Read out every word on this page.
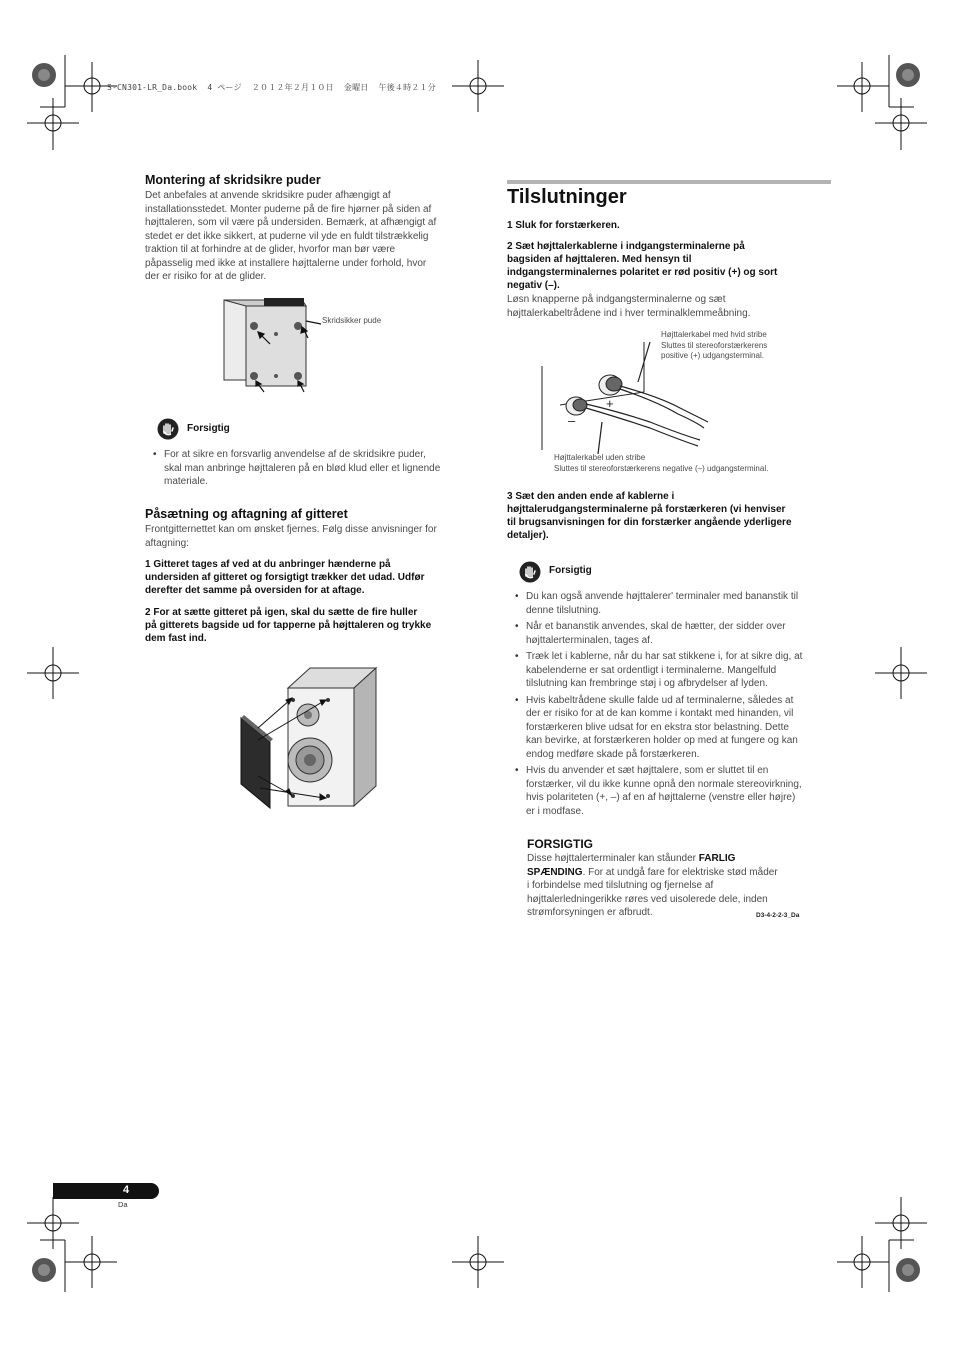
S-CN301-LR_Da.book  4 ページ  ２０１２年２月１０日  金曜日  午後４時２１分
Montering af skridsikre puder
Det anbefales at anvende skridsikre puder afhængigt af
installationsstedet. Monter puderne på de fire hjørner på siden af
højttaleren, som vil være på undersiden. Bemærk, at afhængigt af
stedet er det ikke sikkert, at puderne vil yde en fuldt tilstrækkelig
traktion til at forhindre at de glider, hvorfor man bør være
påpasselig med ikke at installere højttalerne under forhold, hvor
der er risiko for at de glider.
Skridsikker pude
Forsigtig
• For at sikre en forsvarlig anvendelse af de skridsikre puder,
skal man anbringe højttaleren på en blød klud eller et lignende
materiale.
Påsætning og aftagning af gitteret
Frontgitternettet kan om ønsket fjernes. Følg disse anvisninger for
aftagning:
1 Gitteret tages af ved at du anbringer hænderne på
undersiden af gitteret og forsigtigt trækker det udad. Udfør
derefter det samme på oversiden for at aftage.
2 For at sætte gitteret på igen, skal du sætte de fire huller
på gitterets bagside ud for tapperne på højttaleren og trykke
dem fast ind.
Tilslutninger
1 Sluk for forstærkeren.
2 Sæt højttalerkablerne i indgangsterminalerne på
bagsiden af højttaleren. Med hensyn til
indgangsterminalernes polaritet er rød positiv (+) og sort
negativ (–).
Løsn knapperne på indgangsterminalerne og sæt
højttalerkabeltrådene ind i hver terminalklemmeåbning.
Højttalerkabel med hvid stribe
Sluttes til stereoforstærkerens
positive (+) udgangsterminal.
+
–
Højttalerkabel uden stribe
Sluttes til stereoforstærkerens negative (–) udgangsterminal.
3 Sæt den anden ende af kablerne i
højttalerudgangsterminalerne på forstærkeren (vi henviser
til brugsanvisningen for din forstærker angående yderligere
detaljer).
Forsigtig
• Du kan også anvende højttalerer' terminaler med bananstik til
denne tilslutning.
• Når et bananstik anvendes, skal de hætter, der sidder over
højttalerterminalen, tages af.
• Træk let i kablerne, når du har sat stikkene i, for at sikre dig, at
kabelenderne er sat ordentligt i terminalerne. Mangelfuld
tilslutning kan frembringe støj i og afbrydelser af lyden.
• Hvis kabeltrådene skulle falde ud af terminalerne, således at
der er risiko for at de kan komme i kontakt med hinanden, vil
forstærkeren blive udsat for en ekstra stor belastning. Dette
kan bevirke, at forstærkeren holder op med at fungere og kan
endog medføre skade på forstærkeren.
• Hvis du anvender et sæt højttalere, som er sluttet til en
forstærker, vil du ikke kunne opnå den normale stereovirkning,
hvis polariteten (+, –) af en af højttalerne (venstre eller højre)
er i modfase.
FORSIGTIG
Disse højttalerterminaler kan ståunder FARLIG
SPÆNDING. For at undgå fare for elektriske stød måder
i forbindelse med tilslutning og fjernelse af
højttalerledningerikke røres ved uisolerede dele, inden
strømforsyningen er afbrudt.	D3-4-2-2-3_Da
4
Da
